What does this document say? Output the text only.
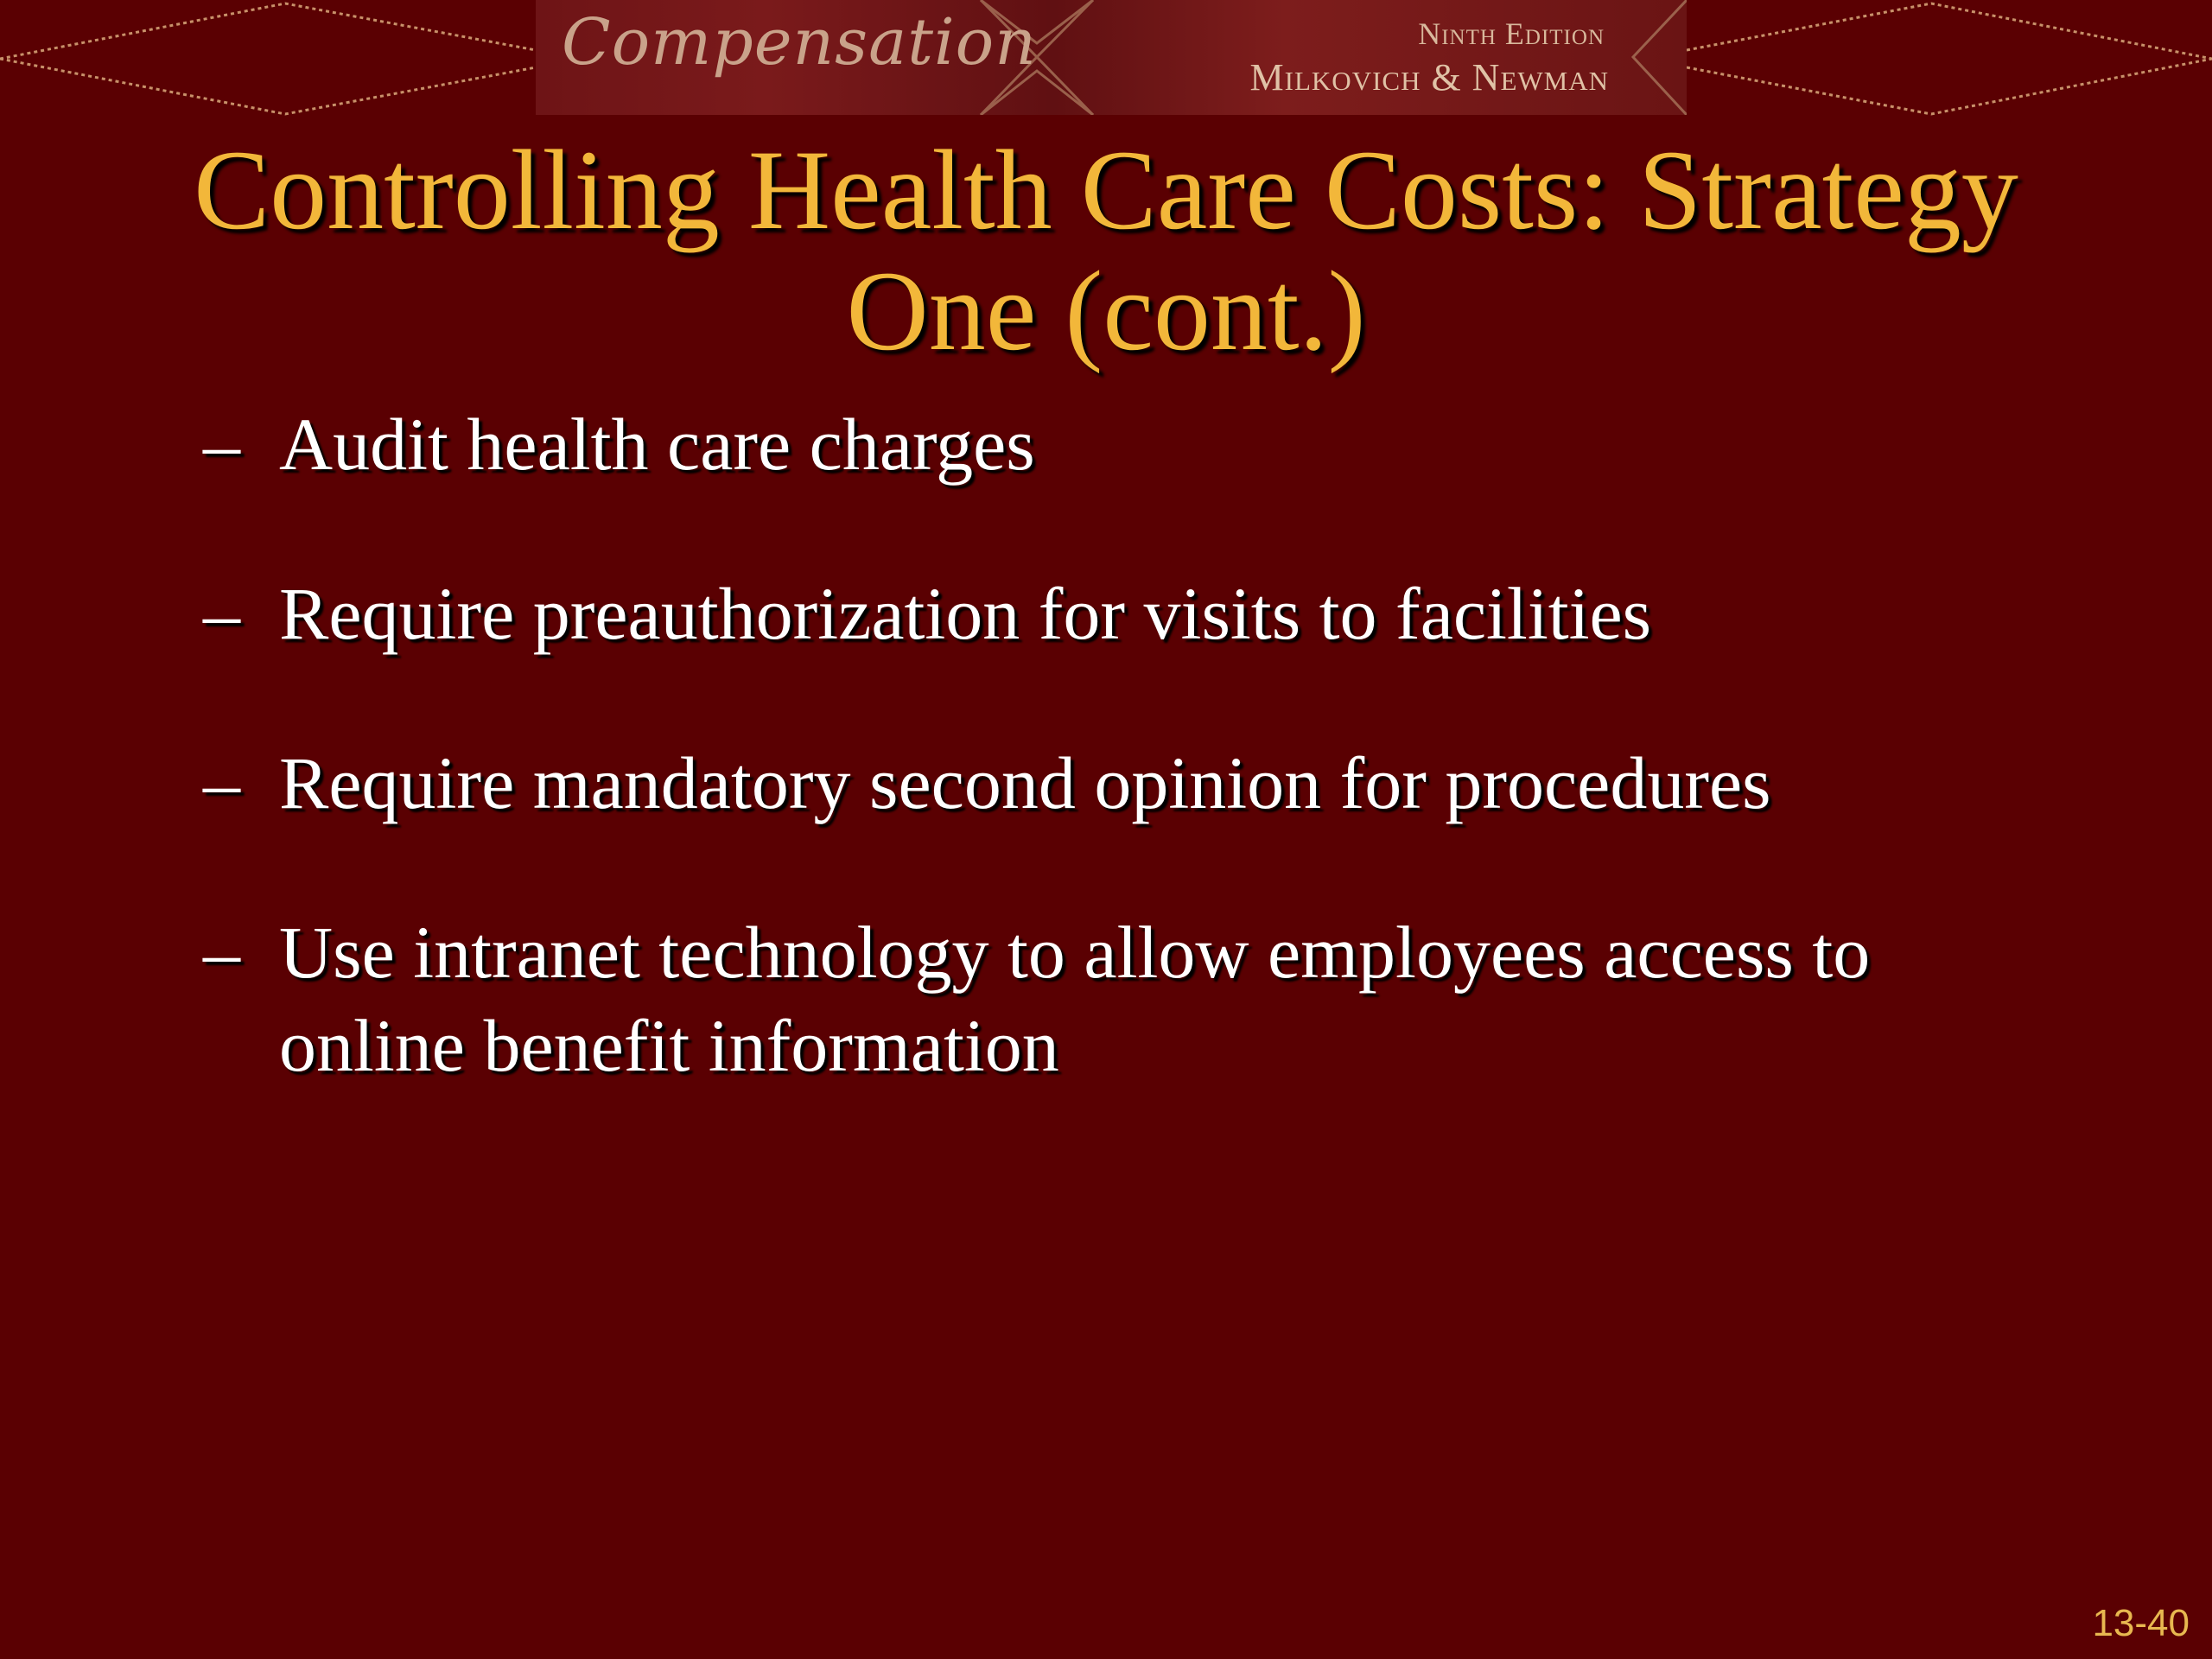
Compensation	Ninth Edition
Milkovich & Newman
Controlling Health Care Costs: Strategy
One (cont.)
– Audit health care charges
– Require preauthorization for visits to facilities
– Require mandatory second opinion for procedures
– Use intranet technology to allow employees access to online benefit information
13-40
